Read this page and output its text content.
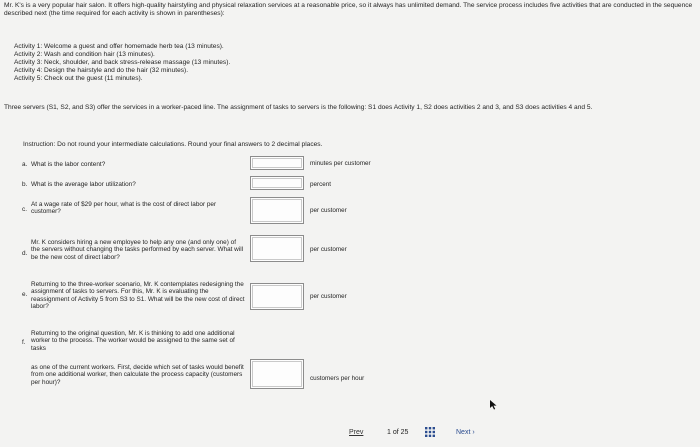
Mr. K's is a very popular hair salon. It offers high-quality hairstyling and physical relaxation services at a reasonable price, so it always has unlimited demand. The service process includes five activities that are conducted in the sequence described next (the time required for each activity is shown in parentheses):

Activity 1: Welcome a guest and offer homemade herb tea (13 minutes).
Activity 2: Wash and condition hair (13 minutes).
Activity 3: Neck, shoulder, and back stress-release massage (13 minutes).
Activity 4: Design the hairstyle and do the hair (32 minutes).
Activity 5: Check out the guest (11 minutes).

Three servers (S1, S2, and S3) offer the services in a worker-paced line. The assignment of tasks to servers is the following: S1 does Activity 1, S2 does activities 2 and 3, and S3 does activities 4 and 5.

Instruction: Do not round your intermediate calculations. Round your final answers to 2 decimal places.
a. What is the labor content?	minutes per customer
b. What is the average labor utilization?	percent
c.
At a wage rate of $29 per hour, what is the cost of direct labor per customer?	per customer
d.
Mr. K considers hiring a new employee to help any one (and only one) of the servers without changing the tasks performed by each server. What will be the new cost of direct labor?
per customer
e.
Returning to the three-worker scenario, Mr. K contemplates redesigning the assignment of tasks to servers. For this, Mr. K is evaluating the reassignment of Activity 5 from S3 to S1. What will be the new cost of direct labor?
per customer
f.
Returning to the original question, Mr. K is thinking to add one additional worker to the process. The worker would be assigned to the same set of tasks
as one of the current workers. First, decide which set of tasks would benefit from one additional worker, then calculate the process capacity (customers per hour)?
customers per hour
Prev	1 of 25	Next ›
